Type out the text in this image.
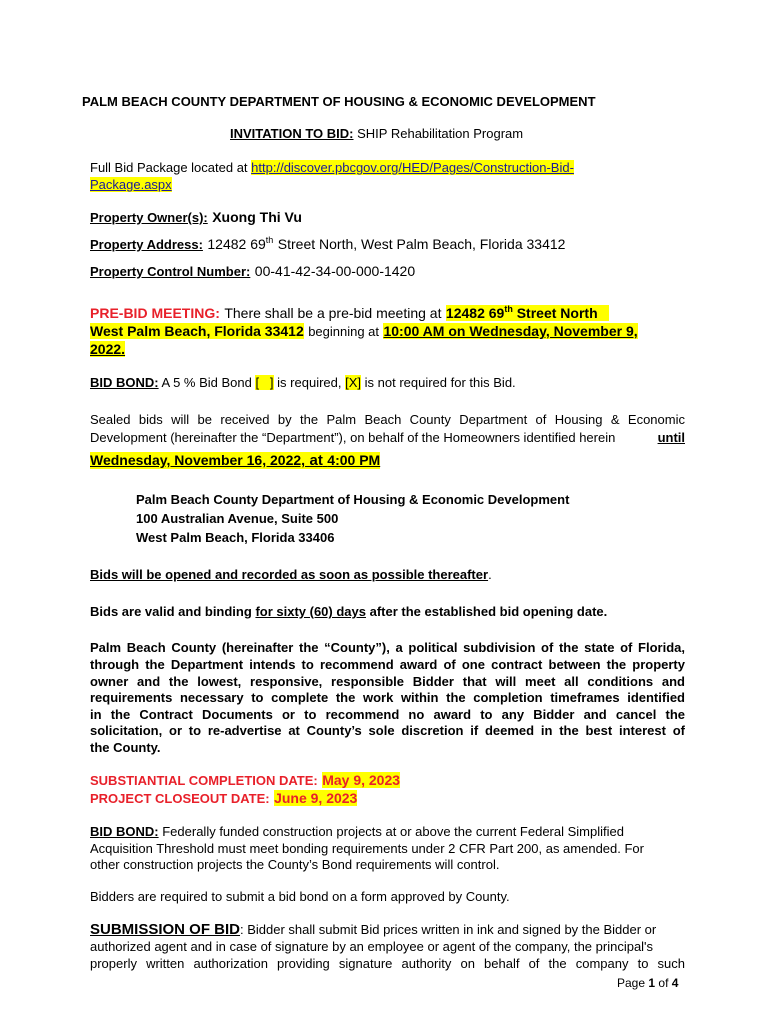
PALM BEACH COUNTY DEPARTMENT OF HOUSING & ECONOMIC DEVELOPMENT
INVITATION TO BID: SHIP Rehabilitation Program
Full Bid Package located at http://discover.pbcgov.org/HED/Pages/Construction-Bid-
Package.aspx
Property Owner(s): Xuong Thi Vu
Property Address: 12482 69th Street North, West Palm Beach, Florida 33412
Property Control Number: 00-41-42-34-00-000-1420
PRE-BID MEETING: There shall be a pre-bid meeting at 12482 69th Street North
West Palm Beach, Florida 33412 beginning at 10:00 AM on Wednesday, November 9,
2022.
BID BOND: A 5 % Bid Bond [   ] is required, [X] is not required for this Bid.
Sealed bids will be received by the Palm Beach County Department of Housing & Economic
Development (hereinafter the “Department”), on behalf of the Homeowners identified herein	until
Wednesday, November 16, 2022, at 4:00 PM
Palm Beach County Department of Housing & Economic Development
100 Australian Avenue, Suite 500
West Palm Beach, Florida 33406
Bids will be opened and recorded as soon as possible thereafter.
Bids are valid and binding for sixty (60) days after the established bid opening date.
Palm Beach County (hereinafter the “County”), a political subdivision of the state of Florida,
through the Department intends to recommend award of one contract between the property
owner and the lowest, responsive, responsible Bidder that will meet all conditions and
requirements necessary to complete the work within the completion timeframes identified
in the Contract Documents or to recommend no award to any Bidder and cancel the
solicitation, or to re-advertise at County’s sole discretion if deemed in the best interest of
the County.
SUBSTIANTIAL COMPLETION DATE: May 9, 2023
PROJECT CLOSEOUT DATE: June 9, 2023
BID BOND: Federally funded construction projects at or above the current Federal Simplified
Acquisition Threshold must meet bonding requirements under 2 CFR Part 200, as amended. For
other construction projects the County’s Bond requirements will control.
Bidders are required to submit a bid bond on a form approved by County.
SUBMISSION OF BID: Bidder shall submit Bid prices written in ink and signed by the Bidder or
authorized agent and in case of signature by an employee or agent of the company, the principal's
properly written authorization providing signature authority on behalf of the company to such
Page 1 of 4
